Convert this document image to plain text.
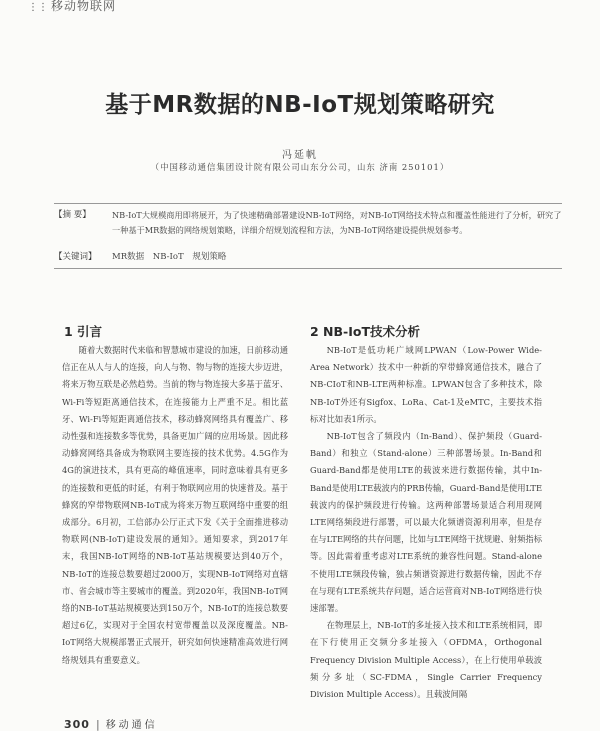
⋮⋮ 移动物联网
基于MR数据的NB-IoT规划策略研究
冯延帆
（中国移动通信集团设计院有限公司山东分公司，山东 济南 250101）
【摘 要】	NB-IoT大规模商用即将展开，为了快速精确部署建设NB-IoT网络，对NB-IoT网络技术特点和覆盖性能进行了分析，研究了一种基于MR数据的网络规划策略，详细介绍规划流程和方法，为NB-IoT网络建设提供规划参考。
【关键词】 MR数据 NB-IoT 规划策略
1 引言

随着大数据时代来临和智慧城市建设的加速，日前移动通信正在从人与人的连接，向人与物、物与物的连接大步迈进，将来万物互联是必然趋势。当前的物与物连接大多基于蓝牙、Wi-Fi等短距离通信技术，在连接能力上严重不足。相比蓝牙、Wi-Fi等短距离通信技术，移动蜂窝网络具有覆盖广、移动性强和连接数多等优势，具备更加广阔的应用场景。因此移动蜂窝网络具备成为物联网主要连接的技术优势。4.5G作为4G的演进技术，具有更高的峰值速率，同时意味着具有更多的连接数和更低的时延，有利于物联网应用的快速普及。基于蜂窝的窄带物联网NB-IoT成为将来万物互联网络中重要的组成部分。6月初，工信部办公厅正式下发《关于全面推进移动物联网(NB-IoT)建设发展的通知》。通知要求，到2017年末，我国NB-IoT网络的NB-IoT基站规模要达到40万个，NB-IoT的连接总数要超过2000万，实现NB-IoT网络对直辖市、省会城市等主要城市的覆盖。到2020年，我国NB-IoT网络的NB-IoT基站规模要达到150万个，NB-IoT的连接总数要超过6亿，实现对于全国农村宽带覆盖以及深度覆盖。NB-IoT网络大规模部署正式展开，研究如何快速精准高效进行网络规划具有重要意义。

2 NB-IoT技术分析

NB-IoT是低功耗广域网LPWAN（Low-Power Wide-Area Network）技术中一种新的窄带蜂窝通信技术，融合了NB-CIoT和NB-LTE两种标准。LPWAN包含了多种技术，除NB-IoT外还有Sigfox、LoRa、Cat-1及eMTC，主要技术指标对比如表1所示。

NB-IoT包含了频段内（In-Band）、保护频段（Guard-Band）和独立（Stand-alone）三种部署场景。In-Band和Guard-Band都是使用LTE的载波来进行数据传输，其中In-Band是使用LTE载波内的PRB传输，Guard-Band是使用LTE载波内的保护频段进行传输。这两种部署场景适合利用现网LTE网络频段进行部署，可以最大化频谱资源利用率，但是存在与LTE网络的共存问题，比如与LTE网络干扰规避、射频指标等。因此需着重考虑对LTE系统的兼容性问题。Stand-alone不使用LTE频段传输，独占频谱资源进行数据传输，因此不存在与现有LTE系统共存问题，适合运营商对NB-IoT网络进行快速部署。

在物理层上，NB-IoT的多址接入技术和LTE系统相同，即在下行使用正交频分多址接入（OFDMA，Orthogonal Frequency Division Multiple Access），在上行使用单载波频分多址（SC-FDMA，Single Carrier Frequency Division Multiple Access）。且载波间隔

300 | 移动通信
